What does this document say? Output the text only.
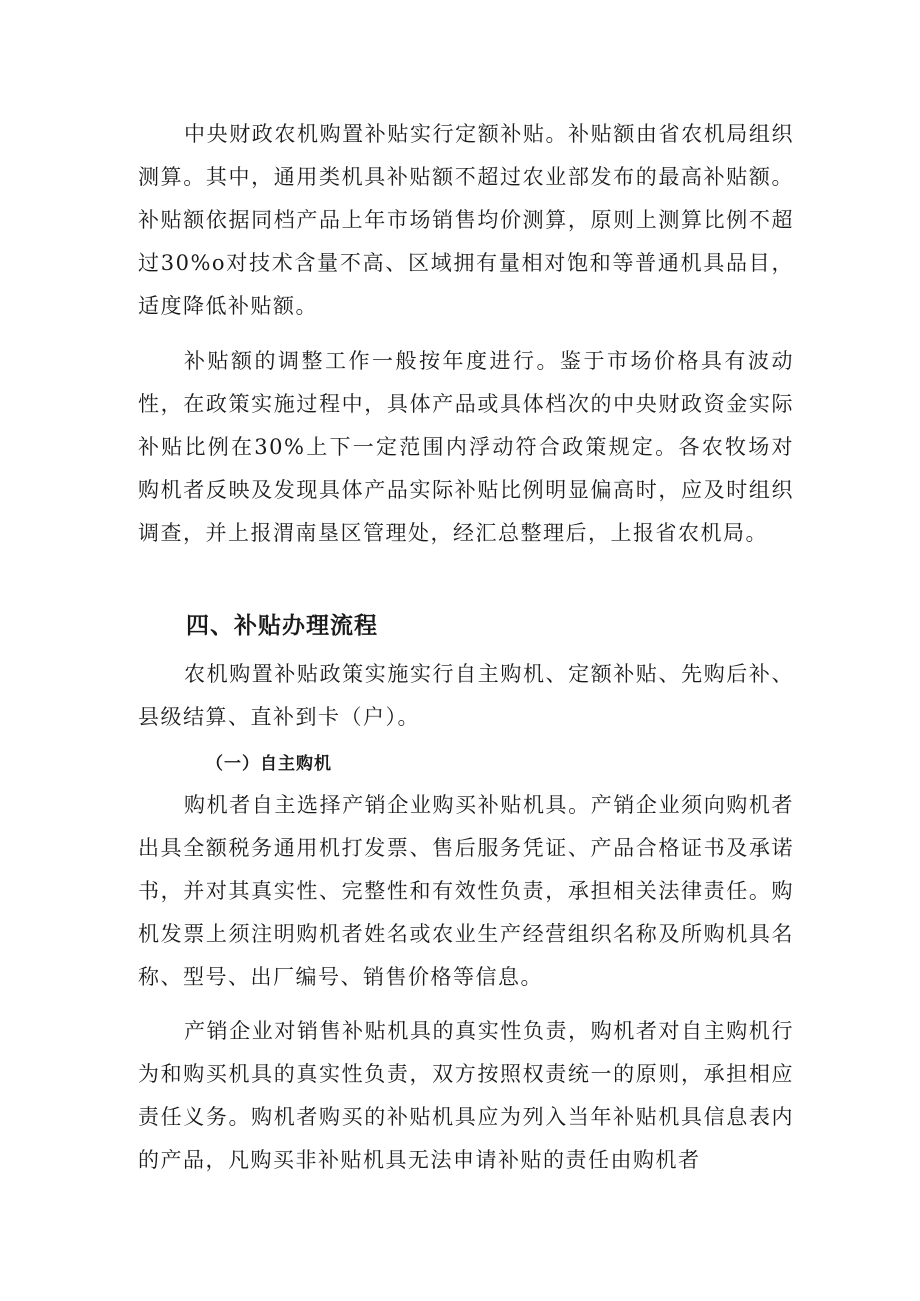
中央财政农机购置补贴实行定额补贴。补贴额由省农机局组织测算。其中，通用类机具补贴额不超过农业部发布的最高补贴额。补贴额依据同档产品上年市场销售均价测算，原则上测算比例不超过30%o对技术含量不高、区域拥有量相对饱和等普通机具品目，适度降低补贴额。

补贴额的调整工作一般按年度进行。鉴于市场价格具有波动性，在政策实施过程中，具体产品或具体档次的中央财政资金实际补贴比例在30%上下一定范围内浮动符合政策规定。各农牧场对购机者反映及发现具体产品实际补贴比例明显偏高时，应及时组织调查，并上报渭南垦区管理处，经汇总整理后，上报省农机局。

四、补贴办理流程

农机购置补贴政策实施实行自主购机、定额补贴、先购后补、县级结算、直补到卡（户）。

（一）自主购机

购机者自主选择产销企业购买补贴机具。产销企业须向购机者出具全额税务通用机打发票、售后服务凭证、产品合格证书及承诺书，并对其真实性、完整性和有效性负责，承担相关法律责任。购机发票上须注明购机者姓名或农业生产经营组织名称及所购机具名称、型号、出厂编号、销售价格等信息。

产销企业对销售补贴机具的真实性负责，购机者对自主购机行为和购买机具的真实性负责，双方按照权责统一的原则，承担相应责任义务。购机者购买的补贴机具应为列入当年补贴机具信息表内的产品，凡购买非补贴机具无法申请补贴的责任由购机者
